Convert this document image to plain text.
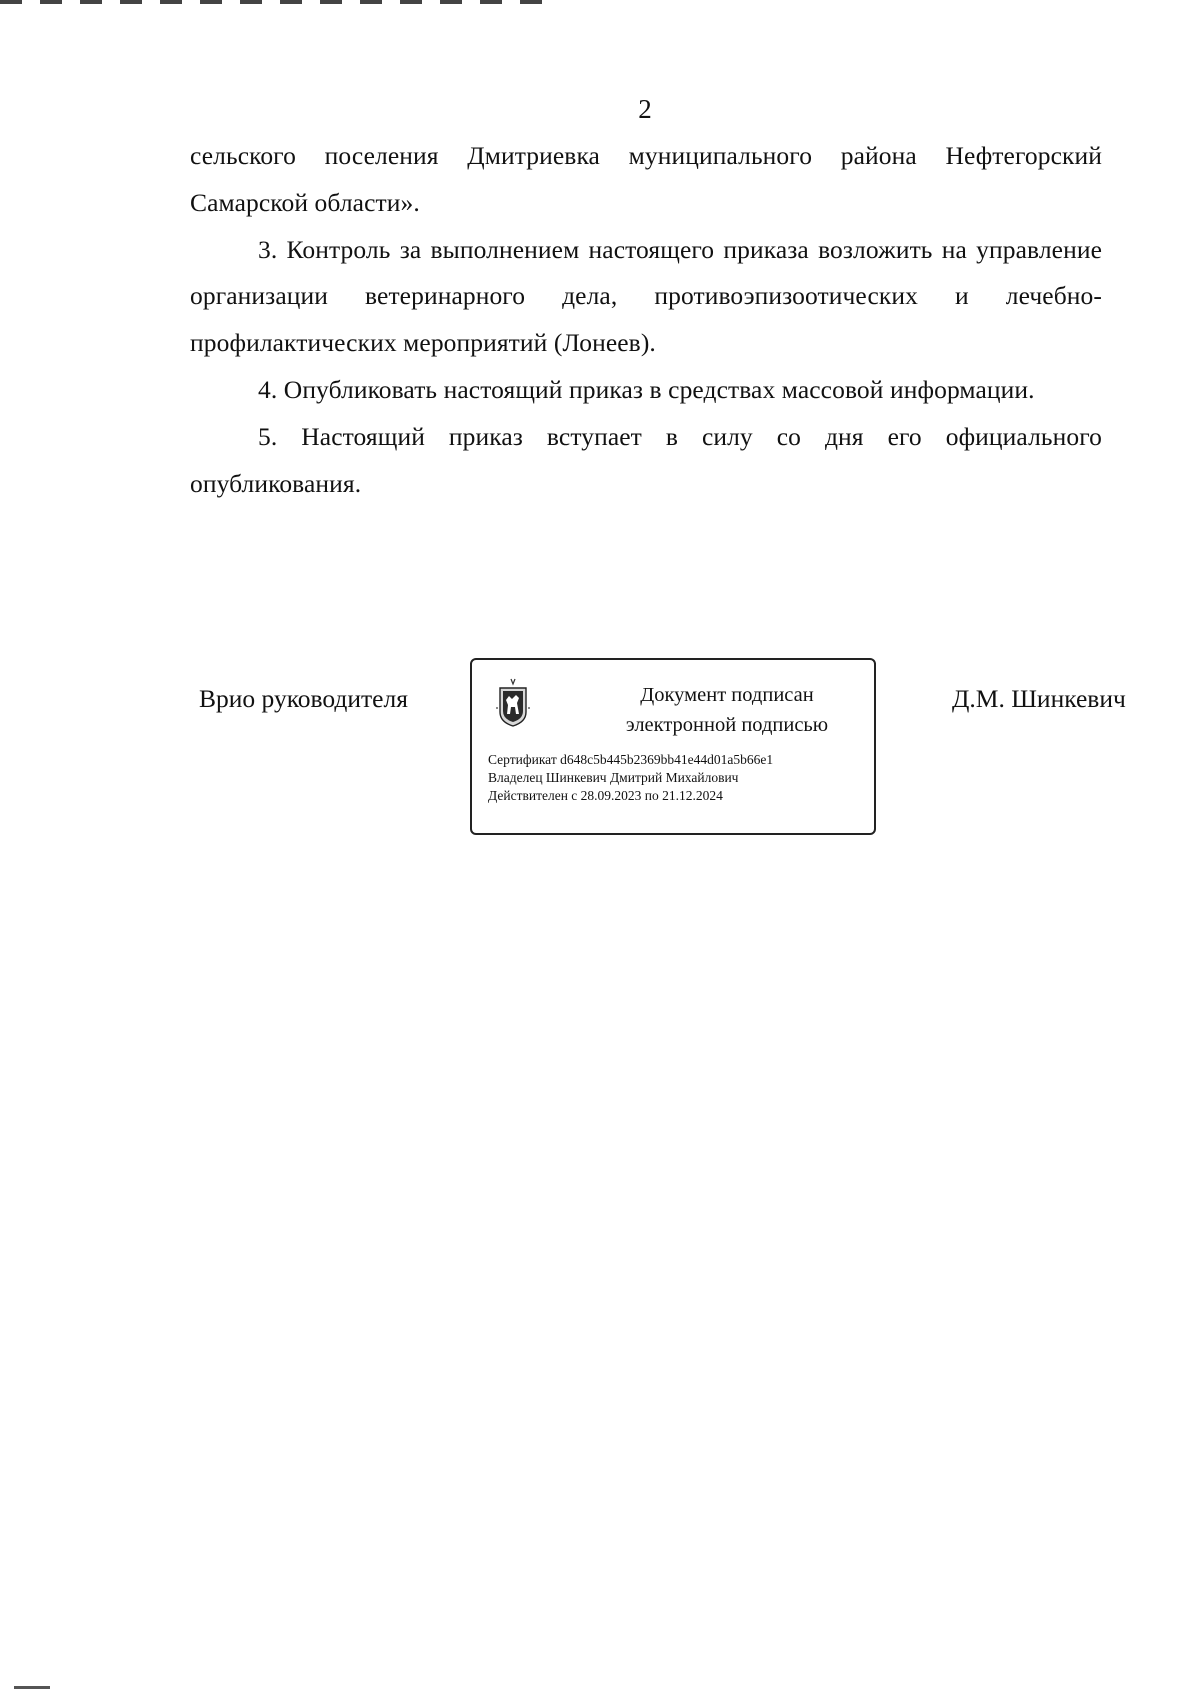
2

сельского поселения Дмитриевка муниципального района Нефтегорский Самарской области».

3. Контроль за выполнением настоящего приказа возложить на управление организации ветеринарного дела, противоэпизоотических и лечебно-профилактических мероприятий (Лонеев).

4. Опубликовать настоящий приказ в средствах массовой информации.

5. Настоящий приказ вступает в силу со дня его официального опубликования.

Врио руководителя	Документ подписан
электронной подписью
Сертификат d648c5b445b2369bb41e44d01a5b66e1
Владелец Шинкевич Дмитрий Михайлович
Действителен с 28.09.2023 по 21.12.2024
Д.М. Шинкевич
